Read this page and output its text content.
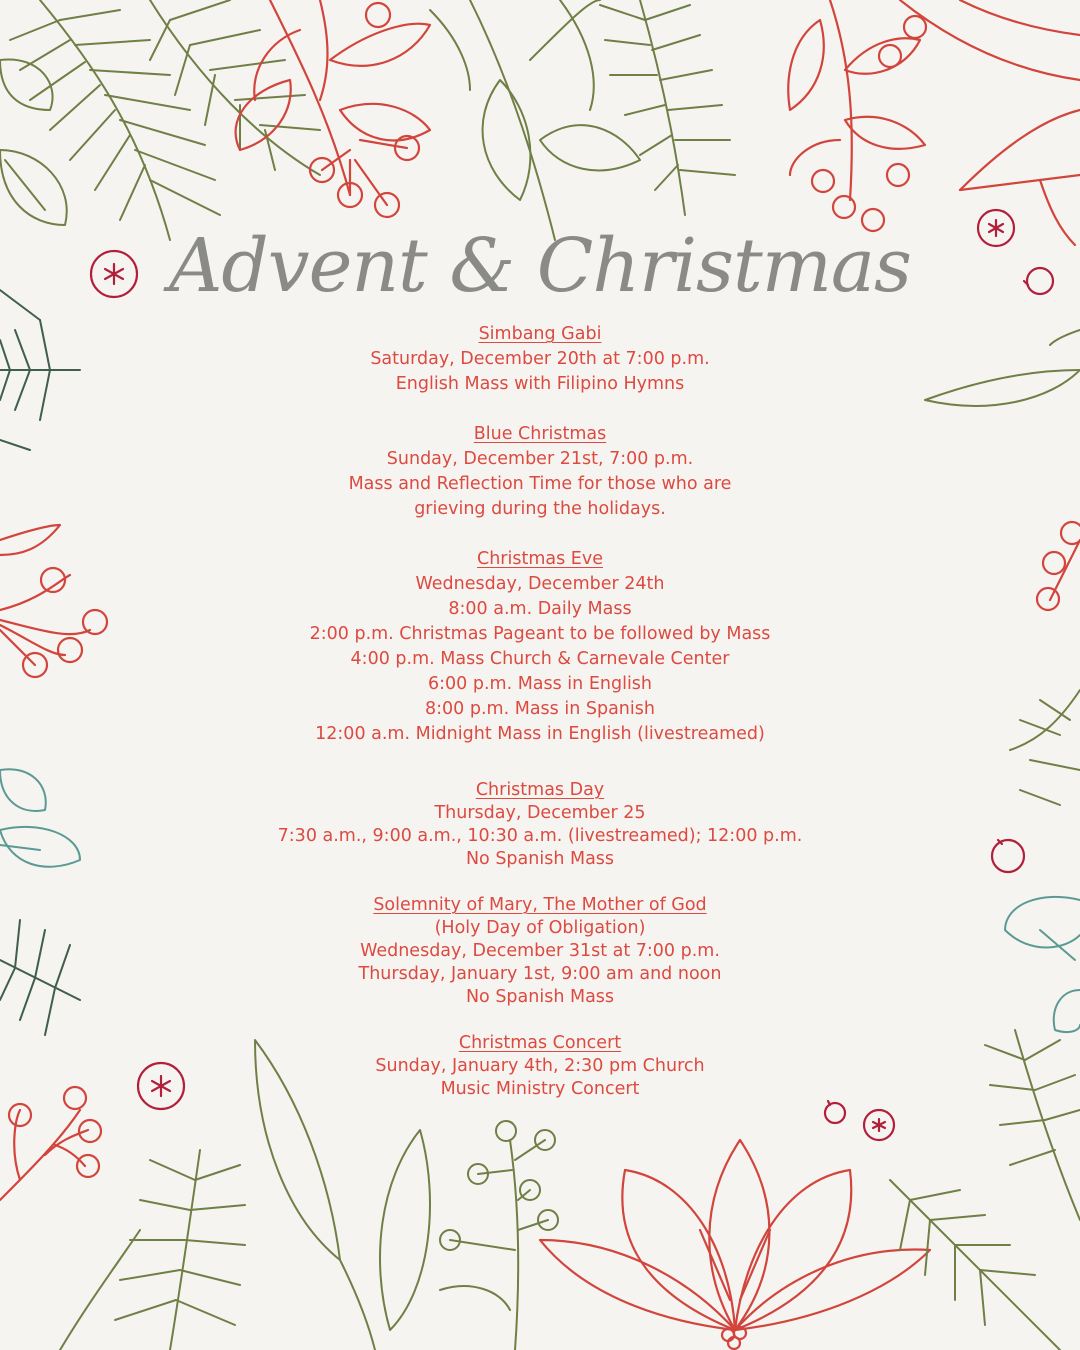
Advent & Christmas
Simbang Gabi
Saturday, December 20th at 7:00 p.m.
English Mass with Filipino Hymns
Blue Christmas
Sunday, December 21st, 7:00 p.m.
Mass and Reflection Time for those who are
grieving during the holidays.
Christmas Eve
Wednesday, December 24th
8:00 a.m. Daily Mass
2:00 p.m. Christmas Pageant to be followed by Mass
4:00 p.m. Mass Church & Carnevale Center
6:00 p.m. Mass in English
8:00 p.m. Mass in Spanish
12:00 a.m. Midnight Mass in English (livestreamed)
Christmas Day
Thursday, December 25
7:30 a.m., 9:00 a.m., 10:30 a.m. (livestreamed); 12:00 p.m.
No Spanish Mass
Solemnity of Mary, The Mother of God
(Holy Day of Obligation)
Wednesday, December 31st at 7:00 p.m.
Thursday, January 1st, 9:00 am and noon
No Spanish Mass
Christmas Concert
Sunday, January 4th, 2:30 pm Church
Music Ministry Concert
